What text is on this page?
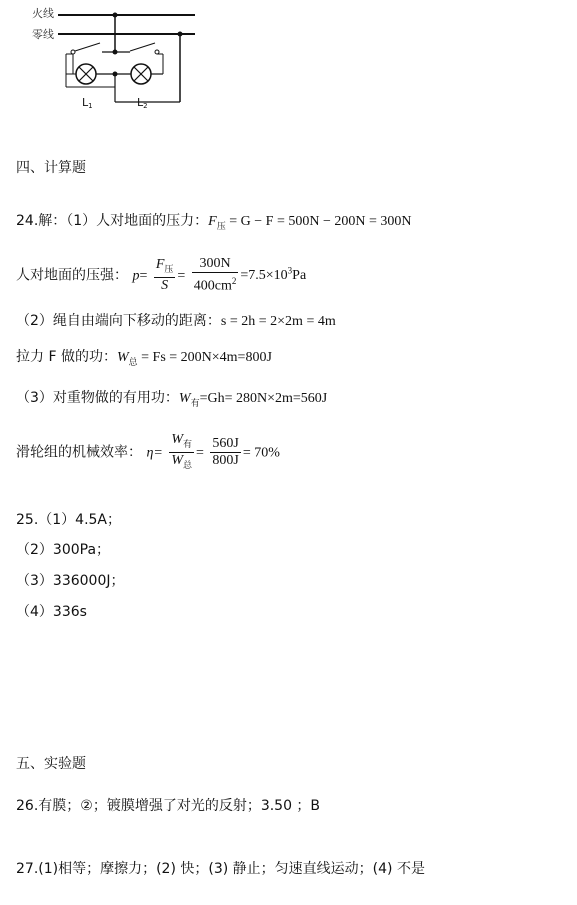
火线
零线
L1	L2
四、计算题
24.解：（1）人对地面的压力：$F_压 = G - F = 500N - 200N = 300N$
人对地面的压强： $p= \frac{F_压}{S} = \frac{300N}{400cm^2} =7.5\times 10^3Pa$
（2）绳自由端向下移动的距离：s = 2h = 2×2m = 4m
拉力 F 做的功：$W_总 = Fs = 200N\times 4m=800J$
（3）对重物做的有用功：$W_有=Gh= 280N\times 2m=560J$
滑轮组的机械效率： $\eta= \frac{W_有}{W_总} = \frac{560J}{800J} = 70\%$
25.（1）4.5A；
（2）300Pa；
（3）336000J；
（4）336s
五、实验题
26.有膜；②；镀膜增强了对光的反射；3.50 ；B
27.(1)相等；摩擦力；(2) 快；(3) 静止；匀速直线运动；(4) 不是
